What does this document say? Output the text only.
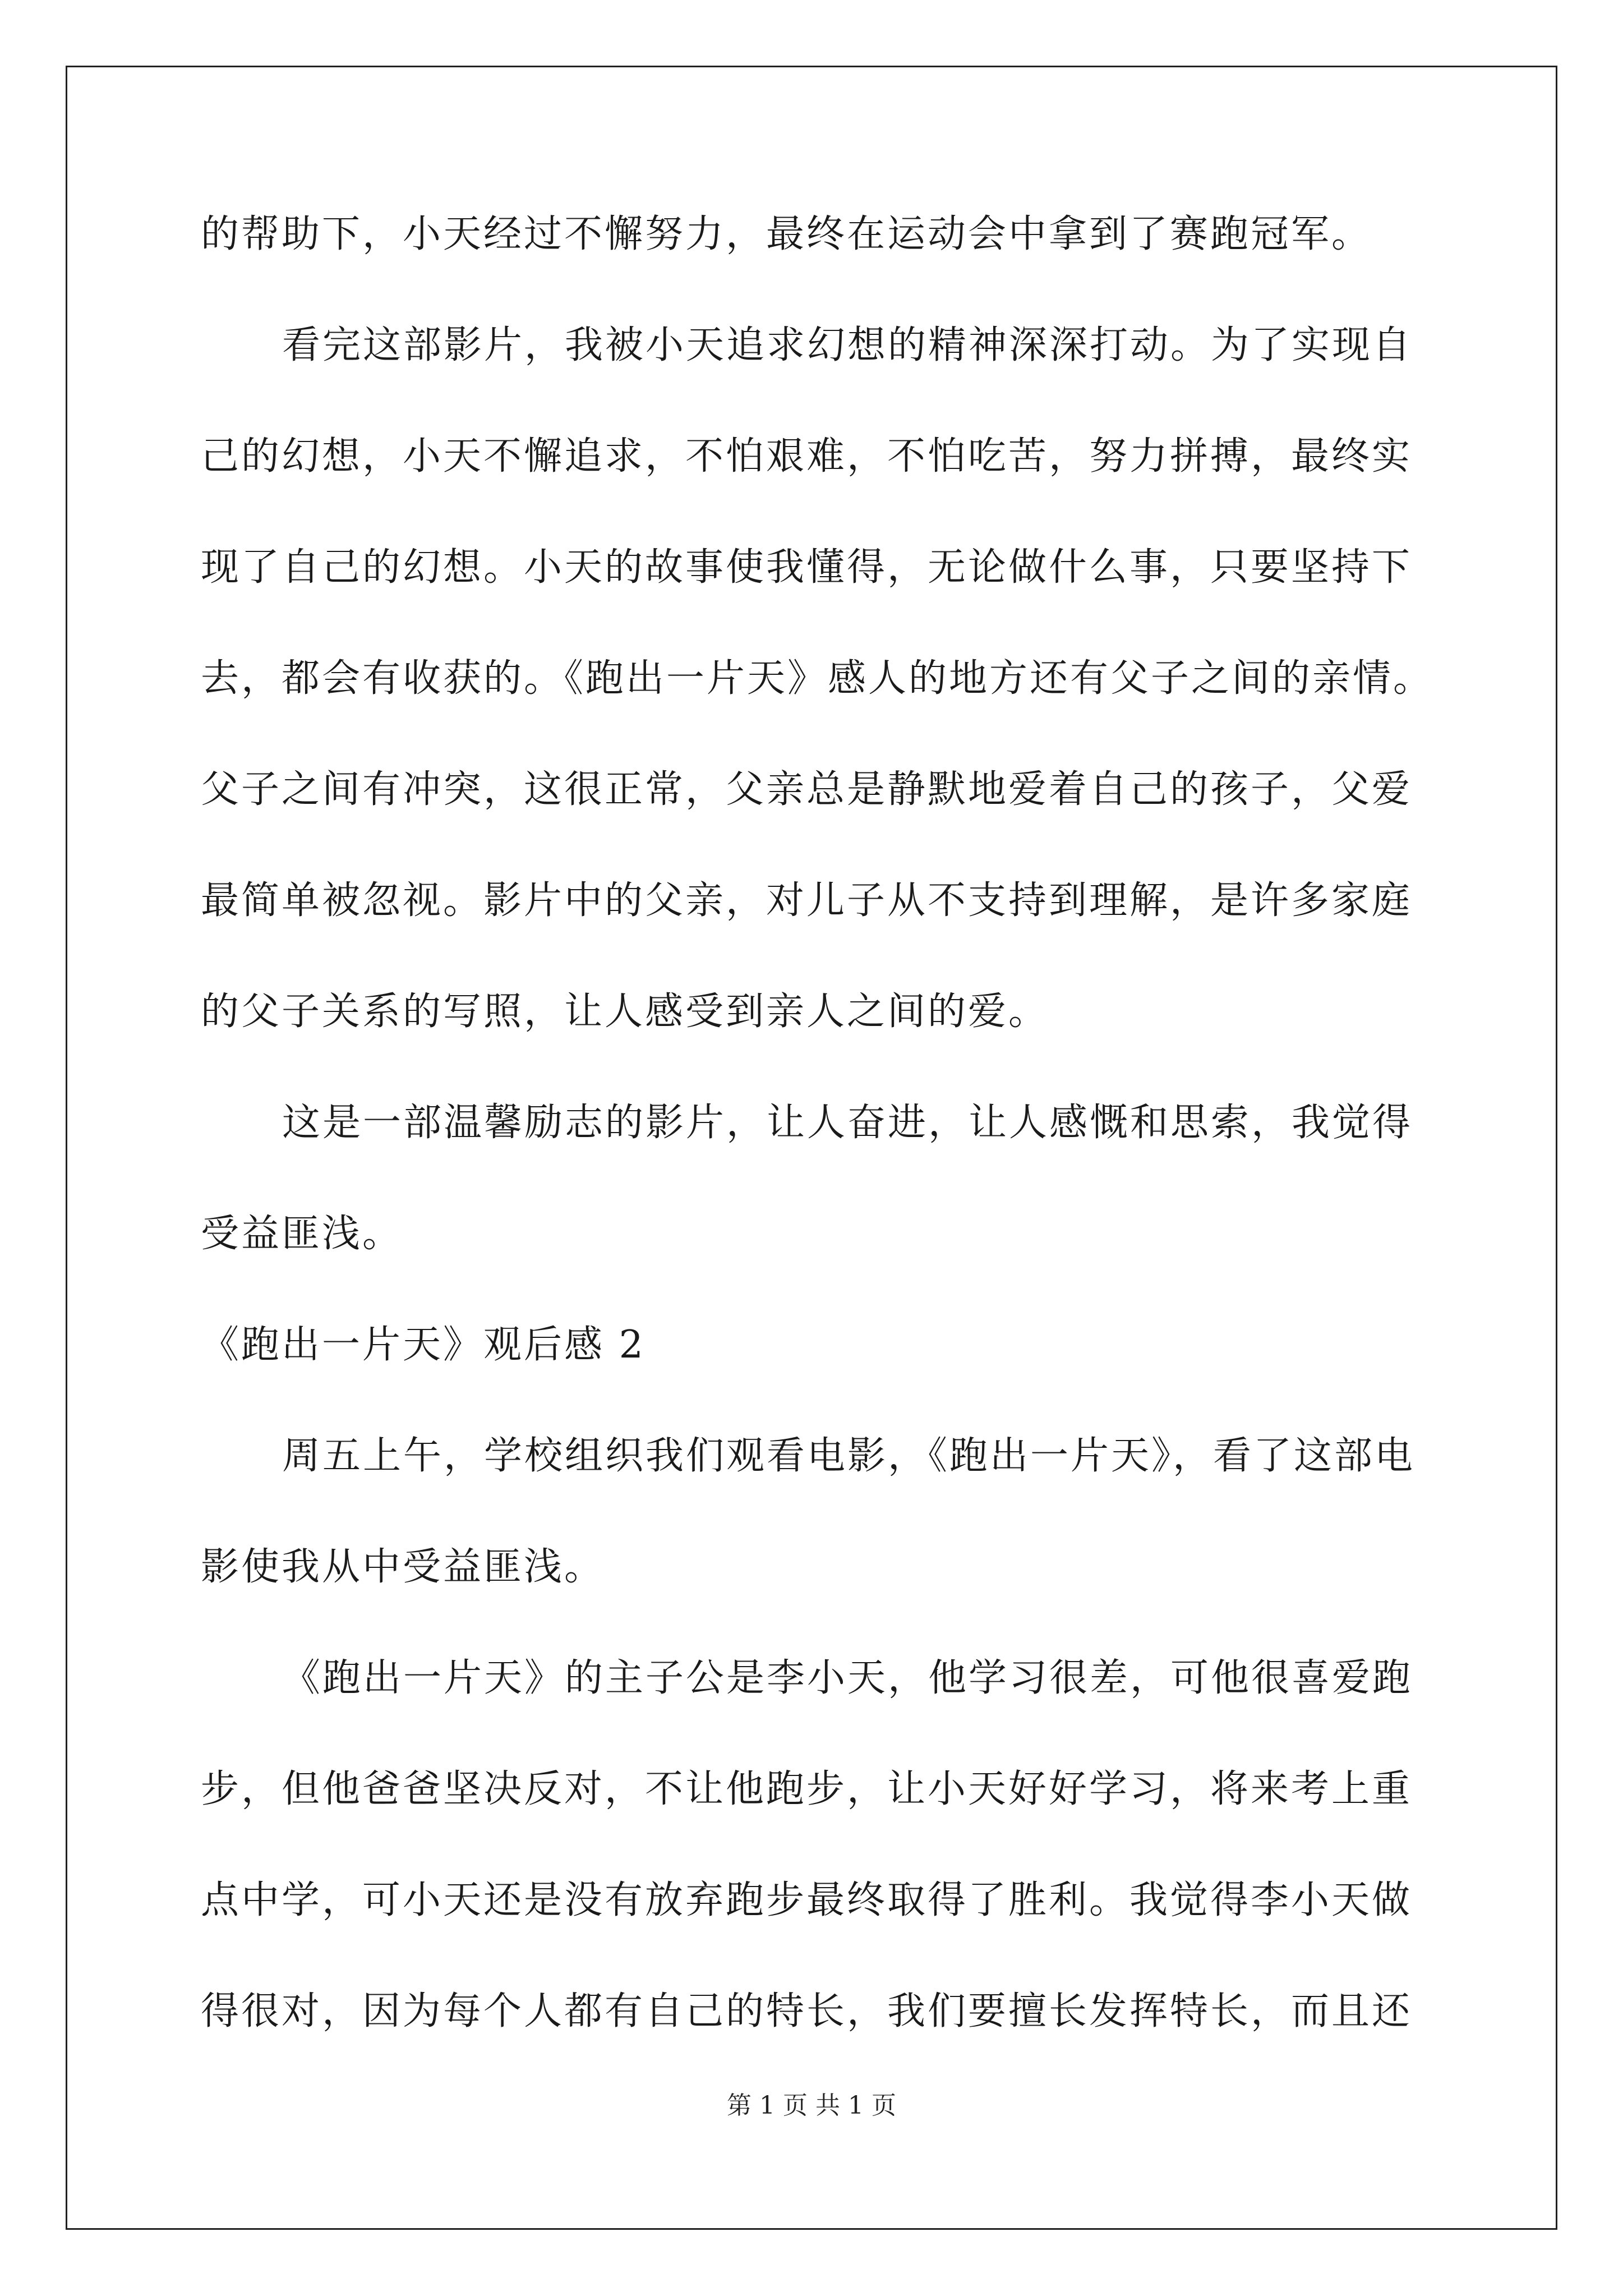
的帮助下，小天经过不懈努力，最终在运动会中拿到了赛跑冠军。
看完这部影片，我被小天追求幻想的精神深深打动。为了实现自
己的幻想，小天不懈追求，不怕艰难，不怕吃苦，努力拼搏，最终实
现了自己的幻想。小天的故事使我懂得，无论做什么事，只要坚持下
去，都会有收获的。《跑出一片天》感人的地方还有父子之间的亲情。
父子之间有冲突，这很正常，父亲总是静默地爱着自己的孩子，父爱
最简单被忽视。影片中的父亲，对儿子从不支持到理解，是许多家庭
的父子关系的写照，让人感受到亲人之间的爱。
这是一部温馨励志的影片，让人奋进，让人感慨和思索，我觉得
受益匪浅。
《跑出一片天》观后感 2
周五上午，学校组织我们观看电影，《跑出一片天》，看了这部电
影使我从中受益匪浅。
《跑出一片天》的主子公是李小天，他学习很差，可他很喜爱跑
步，但他爸爸坚决反对，不让他跑步，让小天好好学习，将来考上重
点中学，可小天还是没有放弃跑步最终取得了胜利。我觉得李小天做
得很对，因为每个人都有自己的特长，我们要擅长发挥特长，而且还
第 1 页 共 1 页
